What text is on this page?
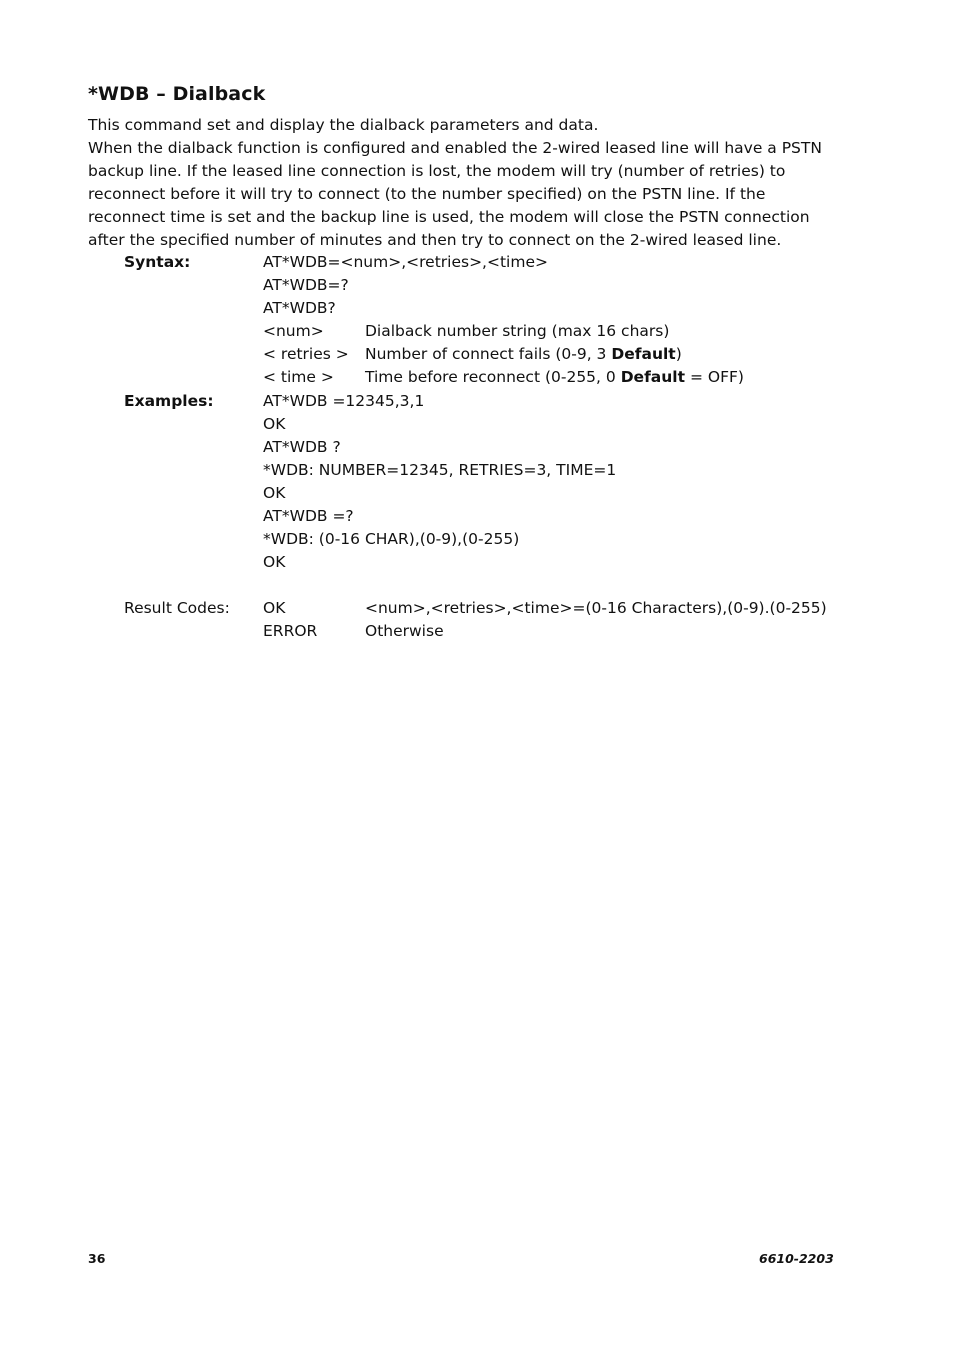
*WDB – Dialback
This command set and display the dialback parameters and data.
When the dialback function is configured and enabled the 2-wired leased line will have a PSTN
backup line. If the leased line connection is lost, the modem will try (number of retries) to
reconnect before it will try to connect (to the number specified) on the PSTN line. If the
reconnect time is set and the backup line is used, the modem will close the PSTN connection
after the specified number of minutes and then try to connect on the 2-wired leased line.
Syntax:	AT*WDB=<num>,<retries>,<time>
AT*WDB=?
AT*WDB?
<num>	Dialback number string (max 16 chars)
< retries > Number of connect fails (0-9, 3 Default)
< time > Time before reconnect (0-255, 0 Default = OFF)
Examples:	AT*WDB =12345,3,1
OK
AT*WDB ?
*WDB: NUMBER=12345, RETRIES=3, TIME=1
OK
AT*WDB =?
*WDB: (0-16 CHAR),(0-9),(0-255)
OK
Result Codes: OK	<num>,<retries>,<time>=(0-16 Characters),(0-9).(0-255)
ERROR	Otherwise
36	6610-2203
